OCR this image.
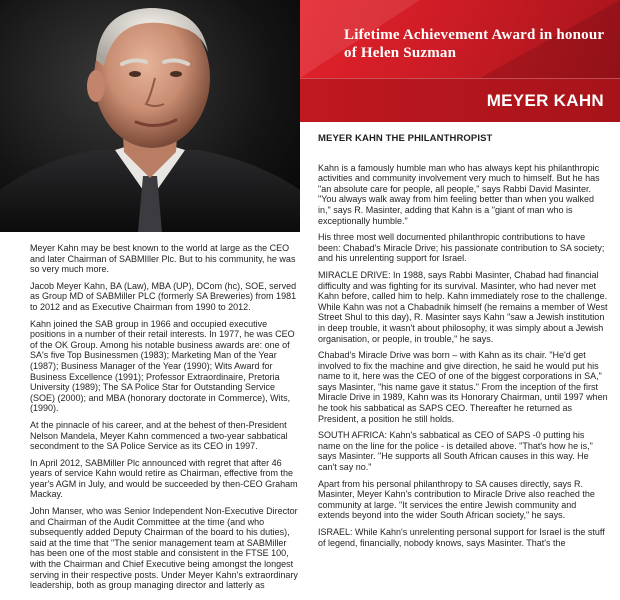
Lifetime Achievement Award in honour of Helen Suzman
MEYER KAHN

Meyer Kahn may be best known to the world at large as the CEO and later Chairman of SABMIller Plc. But to his community, he was so very much more.

Jacob Meyer Kahn, BA (Law), MBA (UP), DCom (hc), SOE, served as Group MD of SABMiller PLC (formerly SA Breweries) from 1981 to 2012 and as Executive Chairman from 1990 to 2012.

Kahn joined the SAB group in 1966 and occupied executive positions in a number of their retail interests. In 1977, he was CEO of the OK Group. Among his notable business awards are: one of SA's five Top Businessmen (1983); Marketing Man of the Year (1987); Business Manager of the Year (1990); Wits Award for Business Excellence (1991); Professor Extraordinaire, Pretoria University (1989); The SA Police Star for Outstanding Service (SOE) (2000); and MBA (honorary doctorate in Commerce), Wits, (1990).

At the pinnacle of his career, and at the behest of then-President Nelson Mandela, Meyer Kahn commenced a two-year sabbatical secondment to the SA Police Service as its CEO in 1997.

In April 2012, SABMiller Plc announced with regret that after 46 years of service Kahn would retire as Chairman, effective from the year's AGM in July, and would be succeeded by then-CEO Graham Mackay.

John Manser, who was Senior Independent Non-Executive Director and Chairman of the Audit Committee at the time (and who subsequently added Deputy Chairman of the board to his duties), said at the time that "The senior management team at SABMiller has been one of the most stable and consistent in the FTSE 100, with the Chairman and Chief Executive being amongst the longest serving in their respective posts. Under Meyer Kahn's extraordinary leadership, both as group managing director and latterly as

MEYER KAHN THE PHILANTHROPIST

Kahn is a famously humble man who has always kept his philanthropic activities and community involvement very much to himself. But he has "an absolute care for people, all people," says Rabbi David Masinter. "You always walk away from him feeling better than when you walked in," says R. Masinter, adding that Kahn is a "giant of man who is exceptionally humble."

His three most well documented philanthropic contributions to have been: Chabad's Miracle Drive; his passionate contribution to SA society; and his unrelenting support for Israel.

MIRACLE DRIVE: In 1988, says Rabbi Masinter, Chabad had financial difficulty and was fighting for its survival. Masinter, who had never met Kahn before, called him to help. Kahn immediately rose to the challenge. While Kahn was not a Chabadnik himself (he remains a member of West Street Shul to this day), R. Masinter says Kahn "saw a Jewish institution in deep trouble, it wasn't about philosophy, it was simply about a Jewish organisation, or people, in trouble," he says.

Chabad's Miracle Drive was born – with Kahn as its chair. "He'd get involved to fix the machine and give direction, he said he would put his name to it, here was the CEO of one of the biggest corporations in SA," says Masinter, "his name gave it status." From the inception of the first Miracle Drive in 1989, Kahn was its Honorary Chairman, until 1997 when he took his sabbatical as SAPS CEO. Thereafter he returned as President, a position he still holds.

SOUTH AFRICA: Kahn's sabbatical as CEO of SAPS -0 putting his name on the line for the police - is detailed above. "That's how he is," says Masinter. "He supports all South African causes in this way. He can't say no."

Apart from his personal philanthropy to SA causes directly, says R. Masinter, Meyer Kahn's contribution to Miracle Drive also reached the community at large. "It services the entire Jewish community and extends beyond into the wider South African society," he says.

ISRAEL: While Kahn's unrelenting personal support for Israel is the stuff of legend, financially, nobody knows, says Masinter. That's the
